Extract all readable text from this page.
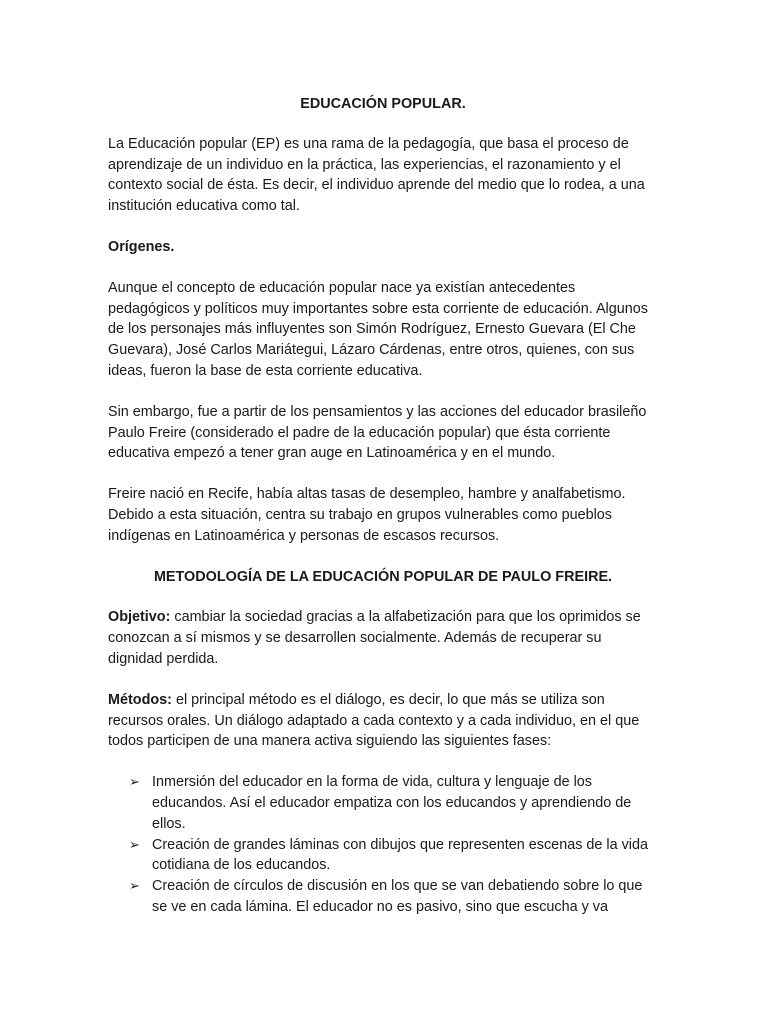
EDUCACIÓN POPULAR.

La Educación popular (EP) es una rama de la pedagogía, que basa el proceso de aprendizaje de un individuo en la práctica, las experiencias, el razonamiento y el contexto social de ésta. Es decir, el individuo aprende del medio que lo rodea, a una institución educativa como tal.

Orígenes.

Aunque el concepto de educación popular nace ya existían antecedentes pedagógicos y políticos muy importantes sobre esta corriente de educación. Algunos de los personajes más influyentes son Simón Rodríguez, Ernesto Guevara (El Che Guevara), José Carlos Mariátegui, Lázaro Cárdenas, entre otros, quienes, con sus ideas, fueron la base de esta corriente educativa.

Sin embargo, fue a partir de los pensamientos y las acciones del educador brasileño Paulo Freire (considerado el padre de la educación popular) que ésta corriente educativa empezó a tener gran auge en Latinoamérica y en el mundo.

Freire nació en Recife, había altas tasas de desempleo, hambre y analfabetismo. Debido a esta situación, centra su trabajo en grupos vulnerables como pueblos indígenas en Latinoamérica y personas de escasos recursos.

METODOLOGÍA DE LA EDUCACIÓN POPULAR DE PAULO FREIRE.

Objetivo: cambiar la sociedad gracias a la alfabetización para que los oprimidos se conozcan a sí mismos y se desarrollen socialmente. Además de recuperar su dignidad perdida.

Métodos: el principal método es el diálogo, es decir, lo que más se utiliza son recursos orales. Un diálogo adaptado a cada contexto y a cada individuo, en el que todos participen de una manera activa siguiendo las siguientes fases:

➢ Inmersión del educador en la forma de vida, cultura y lenguaje de los educandos. Así el educador empatiza con los educandos y aprendiendo de ellos.
➢ Creación de grandes láminas con dibujos que representen escenas de la vida cotidiana de los educandos.
➢ Creación de círculos de discusión en los que se van debatiendo sobre lo que se ve en cada lámina. El educador no es pasivo, sino que escucha y va
